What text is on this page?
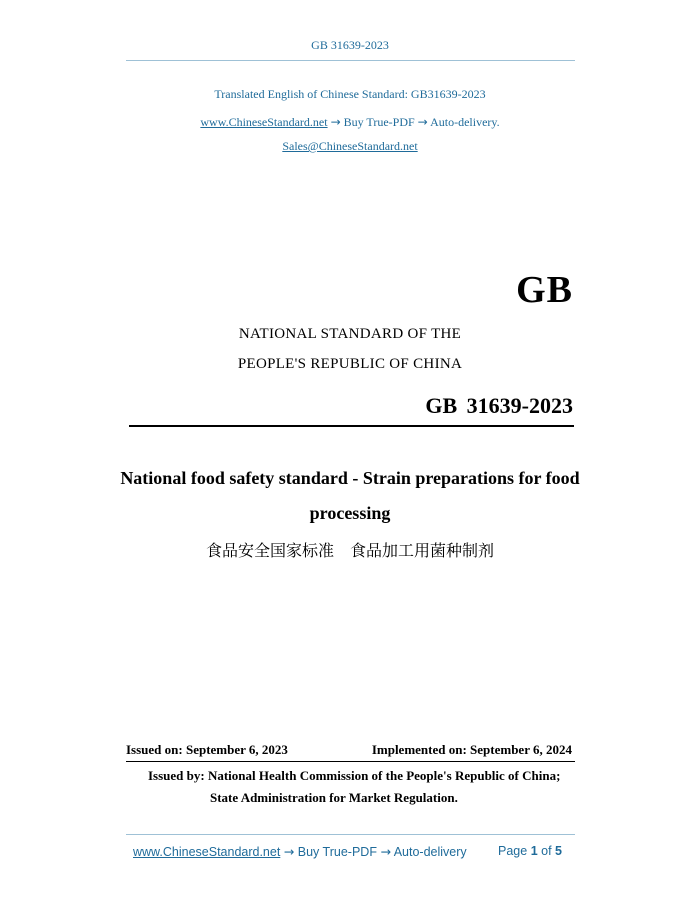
GB 31639-2023
Translated English of Chinese Standard: GB31639-2023
www.ChineseStandard.net → Buy True-PDF → Auto-delivery.
Sales@ChineseStandard.net
GB
NATIONAL STANDARD OF THE
PEOPLE'S REPUBLIC OF CHINA
GB 31639-2023
National food safety standard - Strain preparations for food
processing
食品安全国家标准　食品加工用菌种制剂
Issued on: September 6, 2023	Implemented on: September 6, 2024
Issued by: National Health Commission of the People's Republic of China;
State Administration for Market Regulation.
www.ChineseStandard.net → Buy True-PDF → Auto-delivery	Page 1 of 5
